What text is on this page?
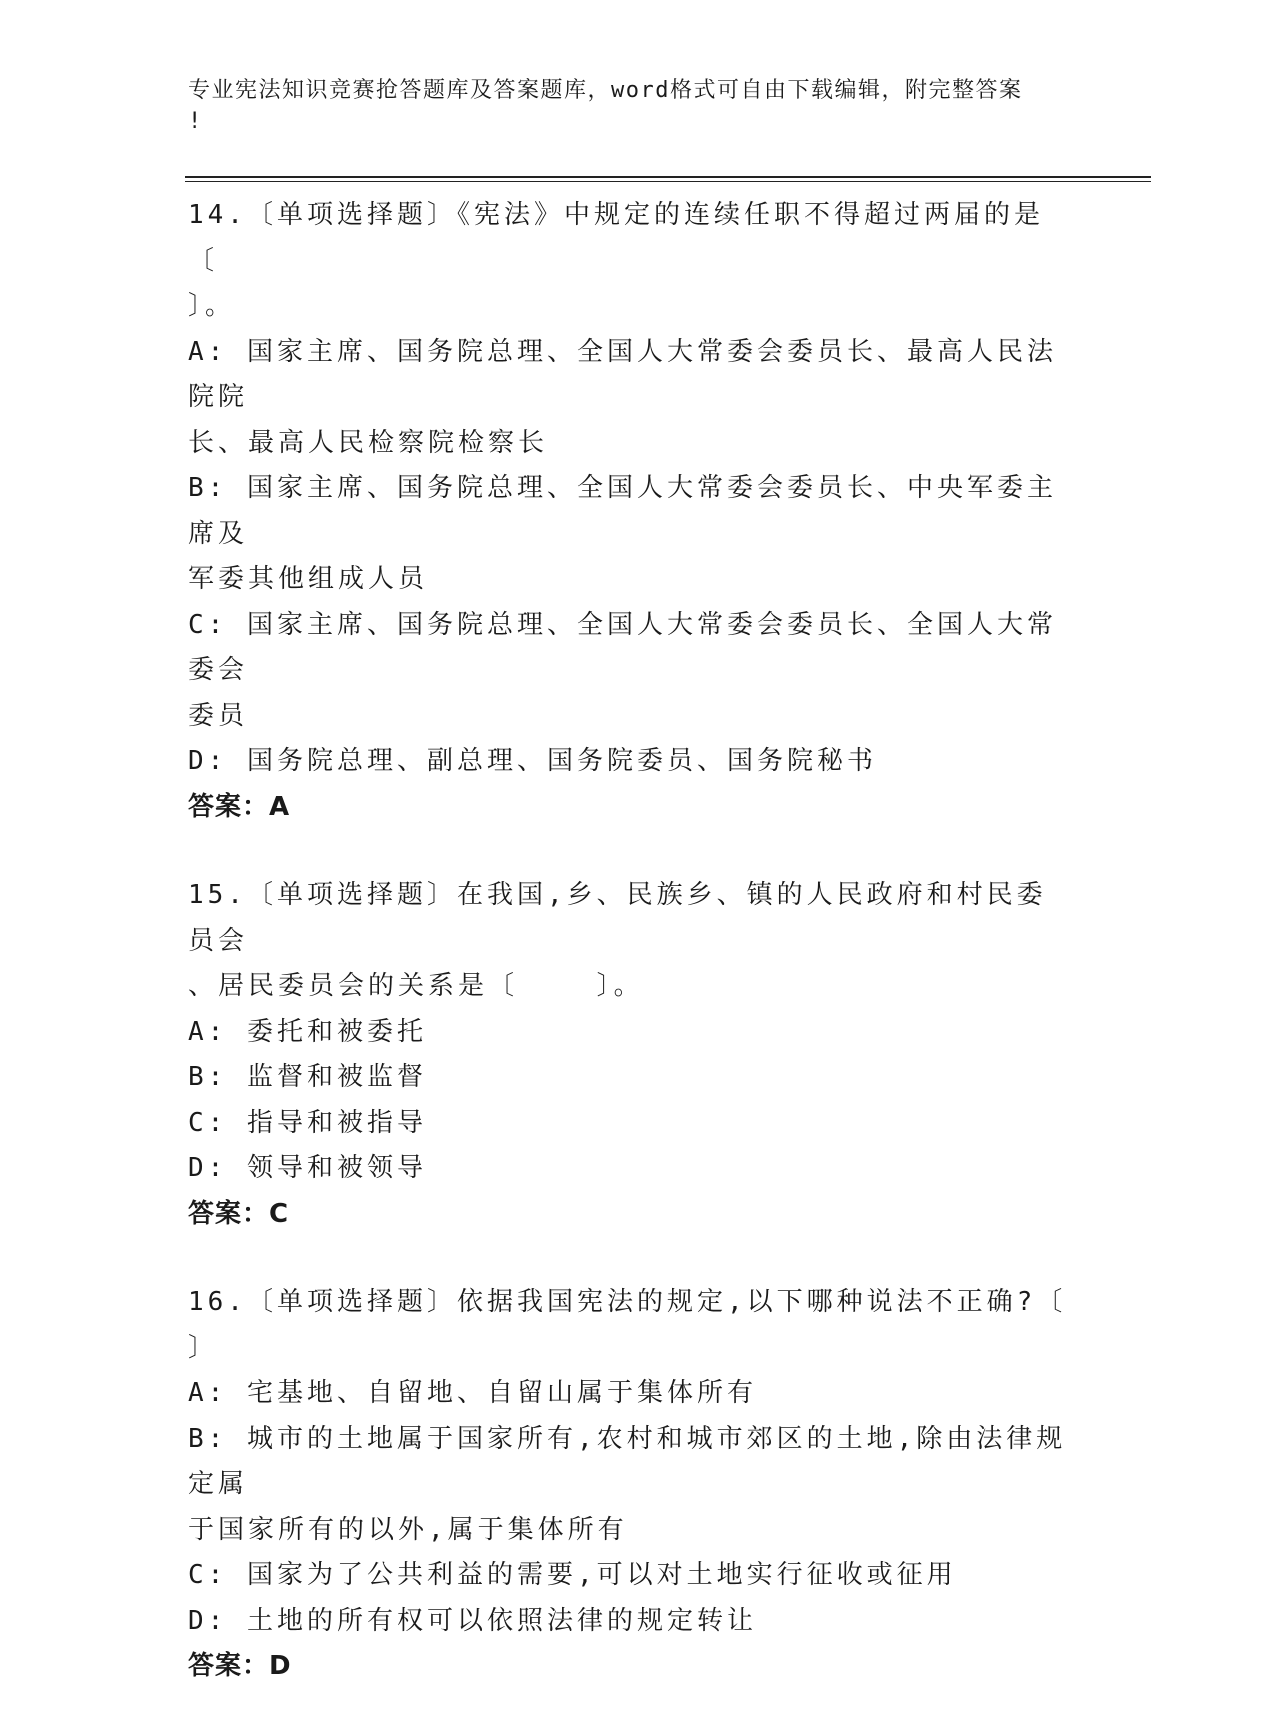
专业宪法知识竞赛抢答题库及答案题库，word格式可自由下载编辑，附完整答案
!
14.〔单项选择题〕《宪法》中规定的连续任职不得超过两届的是〔
〕。
A: 国家主席、国务院总理、全国人大常委会委员长、最高人民法院院
长、最高人民检察院检察长
B: 国家主席、国务院总理、全国人大常委会委员长、中央军委主席及
军委其他组成人员
C: 国家主席、国务院总理、全国人大常委会委员长、全国人大常委会
委员
D: 国务院总理、副总理、国务院委员、国务院秘书
答案：A
15.〔单项选择题〕在我国,乡、民族乡、镇的人民政府和村民委员会
、居民委员会的关系是〔    〕。
A: 委托和被委托
B: 监督和被监督
C: 指导和被指导
D: 领导和被领导
答案：C
16.〔单项选择题〕依据我国宪法的规定,以下哪种说法不正确?〔
〕
A: 宅基地、自留地、自留山属于集体所有
B: 城市的土地属于国家所有,农村和城市郊区的土地,除由法律规定属
于国家所有的以外,属于集体所有
C: 国家为了公共利益的需要,可以对土地实行征收或征用
D: 土地的所有权可以依照法律的规定转让
答案：D
